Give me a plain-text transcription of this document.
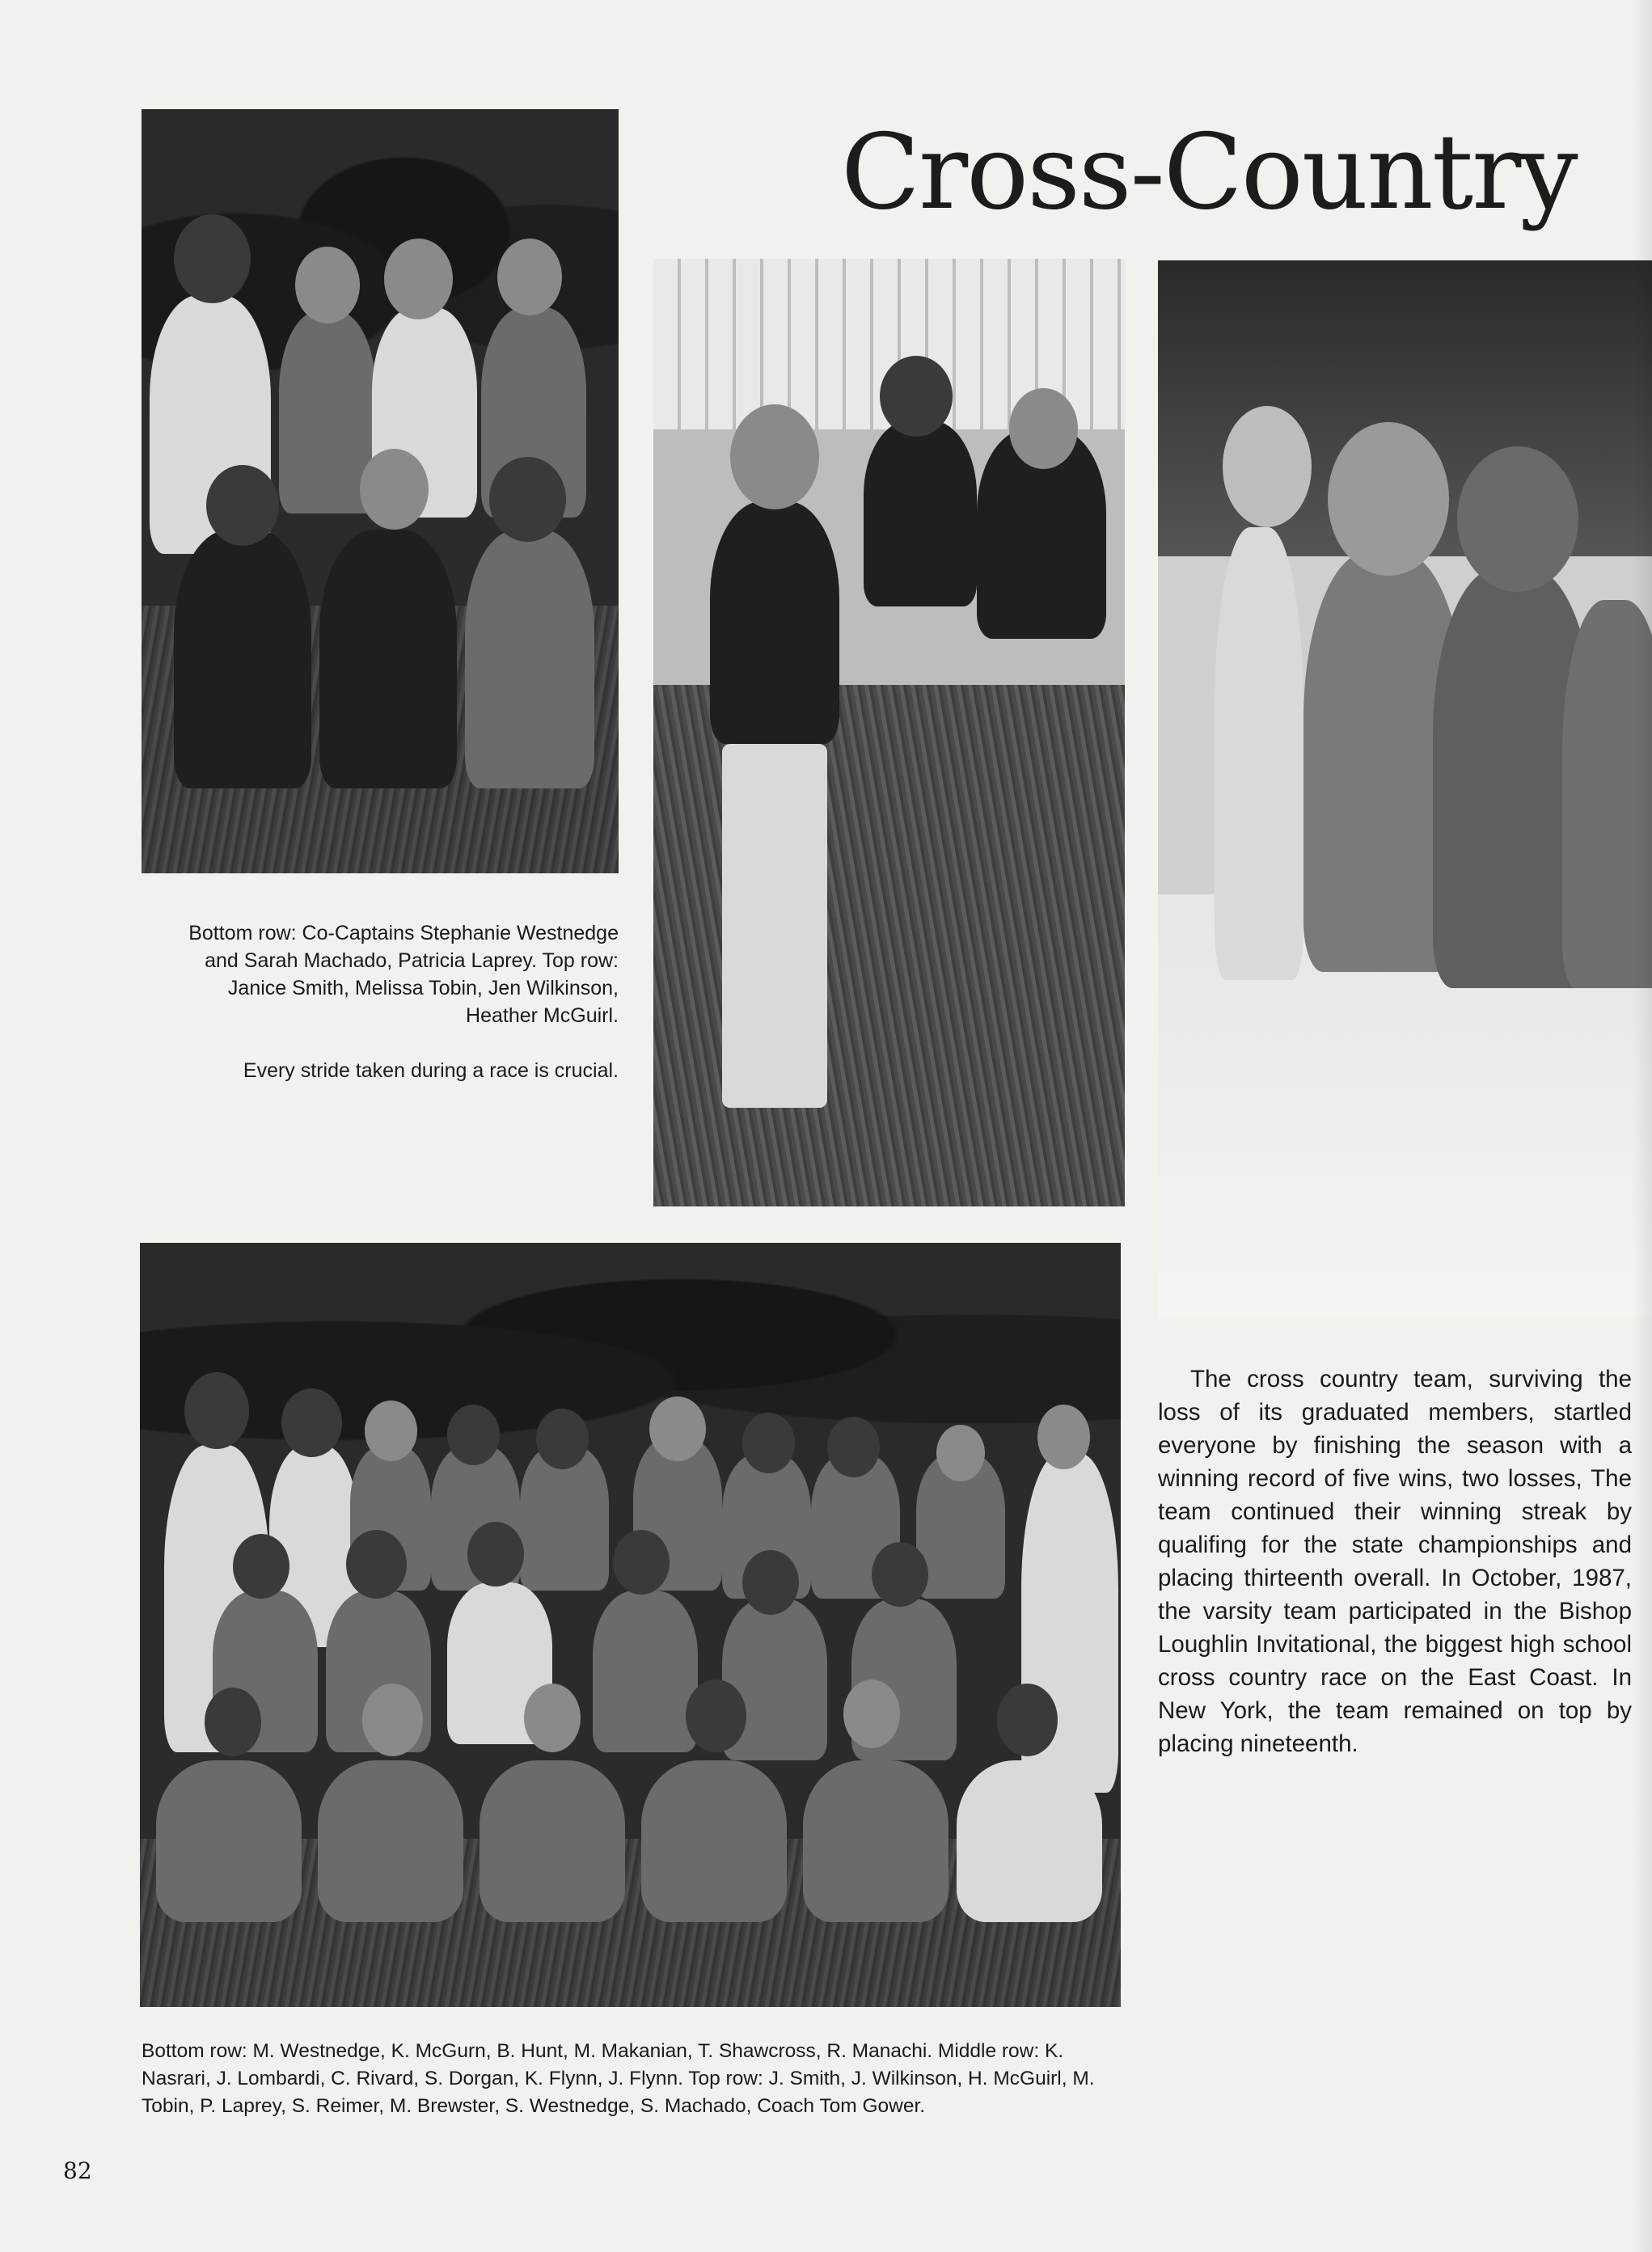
Cross-Country
Bottom row: Co-Captains Stephanie Westnedge
and Sarah Machado, Patricia Laprey. Top row:
Janice Smith, Melissa Tobin, Jen Wilkinson,
Heather McGuirl.
Every stride taken during a race is crucial.
The cross country team, surviving the loss of its graduated members, startled everyone by finishing the season with a winning record of five wins, two losses, The team continued their winning streak by qualifing for the state championships and placing thirteenth overall. In October, 1987, the varsity team participated in the Bishop Loughlin Invitational, the biggest high school cross country race on the East Coast. In New York, the team remained on top by placing nineteenth.
Bottom row: M. Westnedge, K. McGurn, B. Hunt, M. Makanian, T. Shawcross, R. Manachi. Middle row: K.
Nasrari, J. Lombardi, C. Rivard, S. Dorgan, K. Flynn, J. Flynn. Top row: J. Smith, J. Wilkinson, H. McGuirl, M.
Tobin, P. Laprey, S. Reimer, M. Brewster, S. Westnedge, S. Machado, Coach Tom Gower.
82
